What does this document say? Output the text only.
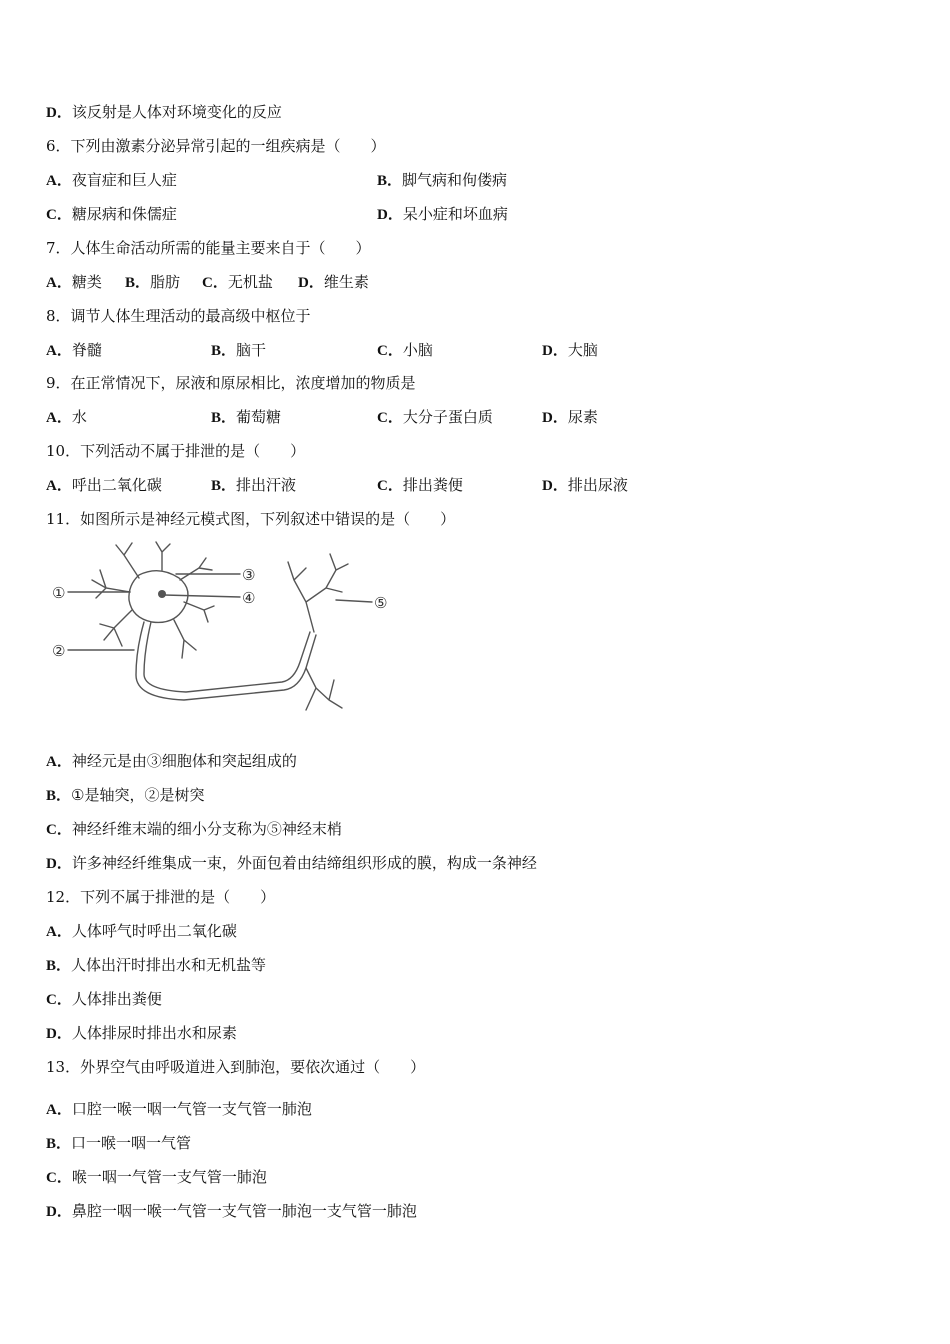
D．该反射是人体对环境变化的反应
6．下列由激素分泌异常引起的一组疾病是（　　）
A．夜盲症和巨人症	B．脚气病和佝偻病
C．糖尿病和侏儒症	D．呆小症和坏血病
7．人体生命活动所需的能量主要来自于（　　）
A．糖类 B．脂肪 C．无机盐 D．维生素
8．调节人体生理活动的最高级中枢位于
A．脊髓	B．脑干	C．小脑	D．大脑
9．在正常情况下，尿液和原尿相比，浓度增加的物质是
A．水	B．葡萄糖	C．大分子蛋白质	D．尿素
10．下列活动不属于排泄的是（　　）
A．呼出二氧化碳	B．排出汗液	C．排出粪便	D．排出尿液
11．如图所示是神经元模式图，下列叙述中错误的是（　　）
①
②
③
④	⑤
A．神经元是由③细胞体和突起组成的
B．①是轴突，②是树突
C．神经纤维末端的细小分支称为⑤神经末梢
D．许多神经纤维集成一束，外面包着由结缔组织形成的膜，构成一条神经
12．下列不属于排泄的是（　　）
A．人体呼气时呼出二氧化碳
B．人体出汗时排出水和无机盐等
C．人体排出粪便
D．人体排尿时排出水和尿素
13．外界空气由呼吸道进入到肺泡，要依次通过（　　）
A．口腔一喉一咽一气管一支气管一肺泡
B．口一喉一咽一气管
C．喉一咽一气管一支气管一肺泡
D．鼻腔一咽一喉一气管一支气管一肺泡一支气管一肺泡
